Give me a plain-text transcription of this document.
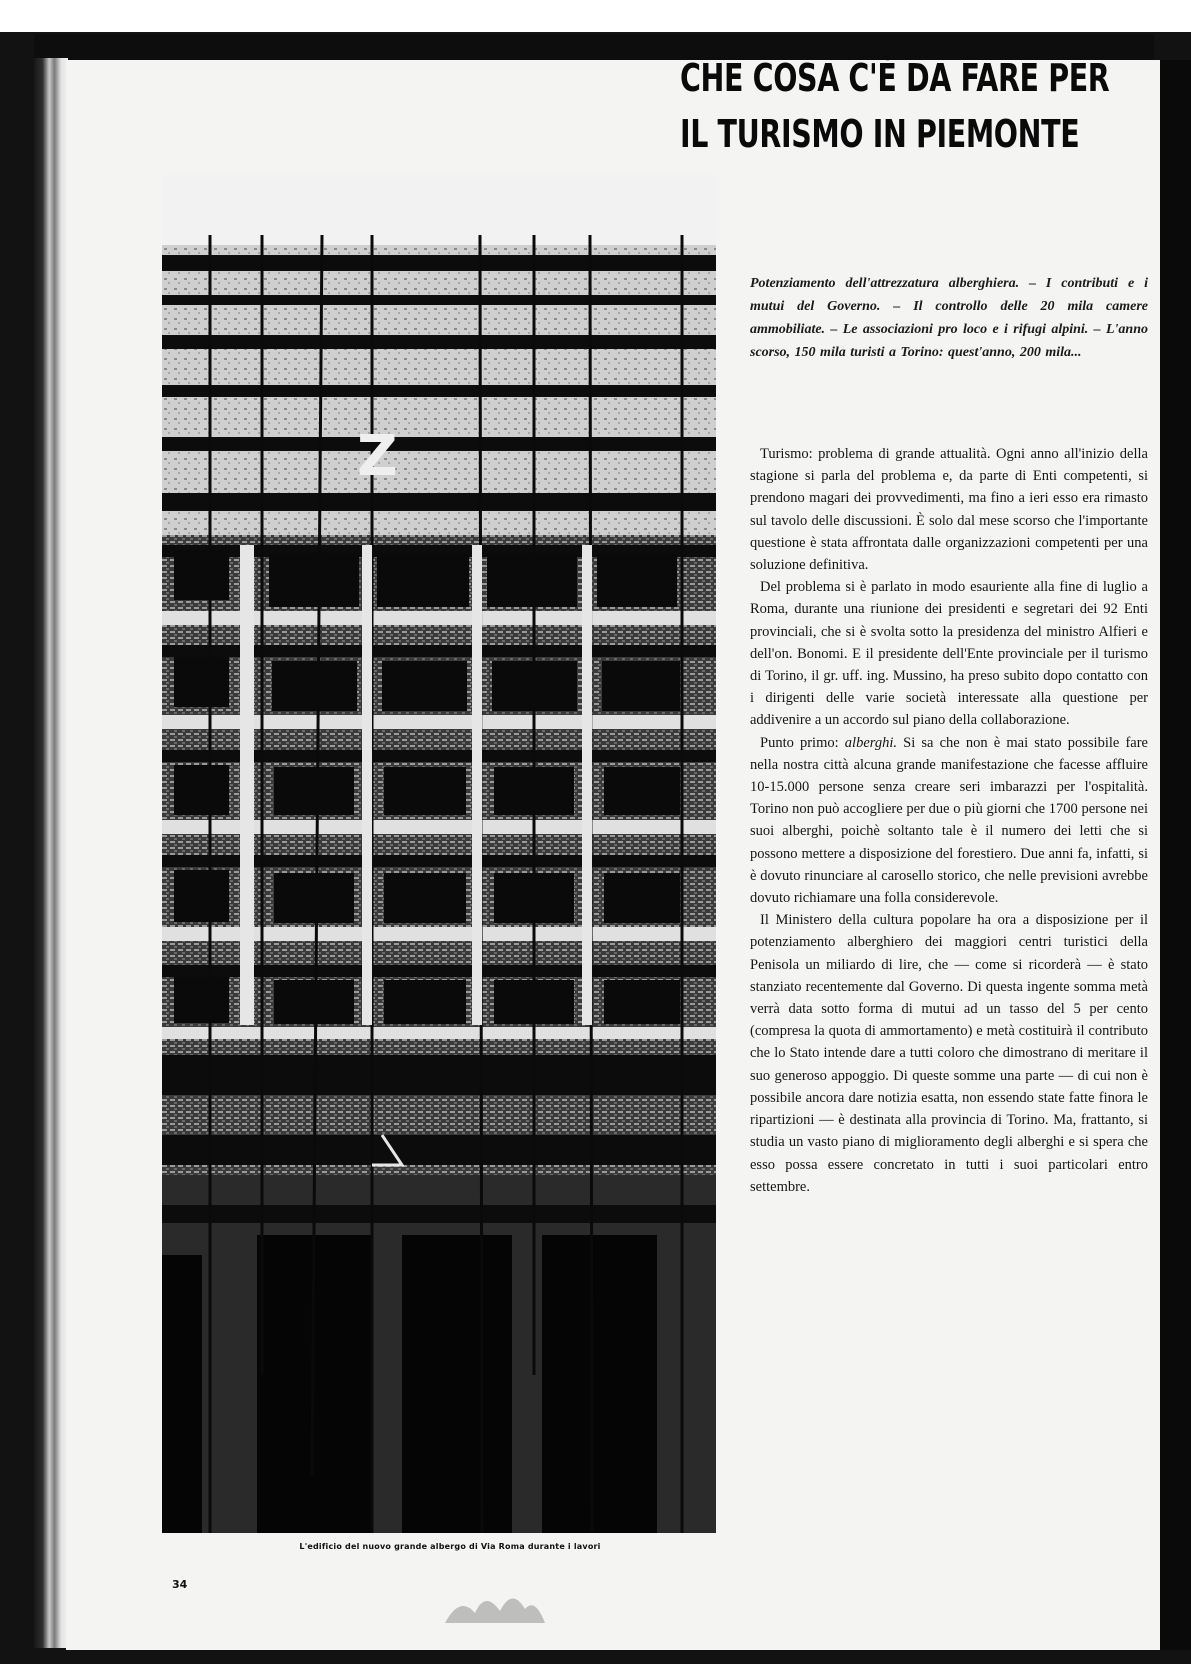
Z
L'edificio del nuovo grande albergo di Via Roma durante i lavori
34
CHE COSA C'È DA FARE PER
IL TURISMO IN PIEMONTE

Potenziamento dell'attrezzatura alberghiera. – I contributi e i mutui del Governo. – Il controllo delle 20 mila camere ammobiliate. – Le associazioni pro loco e i rifugi alpini. – L'anno scorso, 150 mila turisti a Torino: quest'anno, 200 mila...

Turismo: problema di grande attualità. Ogni anno all'inizio della stagione si parla del problema e, da parte di Enti competenti, si prendono magari dei provvedimenti, ma fino a ieri esso era rimasto sul tavolo delle discussioni. È solo dal mese scorso che l'importante questione è stata affrontata dalle organizzazioni competenti per una soluzione definitiva.

Del problema si è parlato in modo esauriente alla fine di luglio a Roma, durante una riunione dei presidenti e segretari dei 92 Enti provinciali, che si è svolta sotto la presidenza del ministro Alfieri e dell'on. Bonomi. E il presidente dell'Ente provinciale per il turismo di Torino, il gr. uff. ing. Mussino, ha preso subito dopo contatto con i dirigenti delle varie società interessate alla questione per addivenire a un accordo sul piano della collaborazione.

Punto primo: alberghi. Si sa che non è mai stato possibile fare nella nostra città alcuna grande manifestazione che facesse affluire 10-15.000 persone senza creare seri imbarazzi per l'ospitalità. Torino non può accogliere per due o più giorni che 1700 persone nei suoi alberghi, poichè soltanto tale è il numero dei letti che si possono mettere a disposizione del forestiero. Due anni fa, infatti, si è dovuto rinunciare al carosello storico, che nelle previsioni avrebbe dovuto richiamare una folla considerevole.

Il Ministero della cultura popolare ha ora a disposizione per il potenziamento alberghiero dei maggiori centri turistici della Penisola un miliardo di lire, che — come si ricorderà — è stato stanziato recentemente dal Governo. Di questa ingente somma metà verrà data sotto forma di mutui ad un tasso del 5 per cento (compresa la quota di ammortamento) e metà costituirà il contributo che lo Stato intende dare a tutti coloro che dimostrano di meritare il suo generoso appoggio. Di queste somme una parte — di cui non è possibile ancora dare notizia esatta, non essendo state fatte finora le ripartizioni — è destinata alla provincia di Torino. Ma, frattanto, si studia un vasto piano di miglioramento degli alberghi e si spera che esso possa essere concretato in tutti i suoi particolari entro settembre.
